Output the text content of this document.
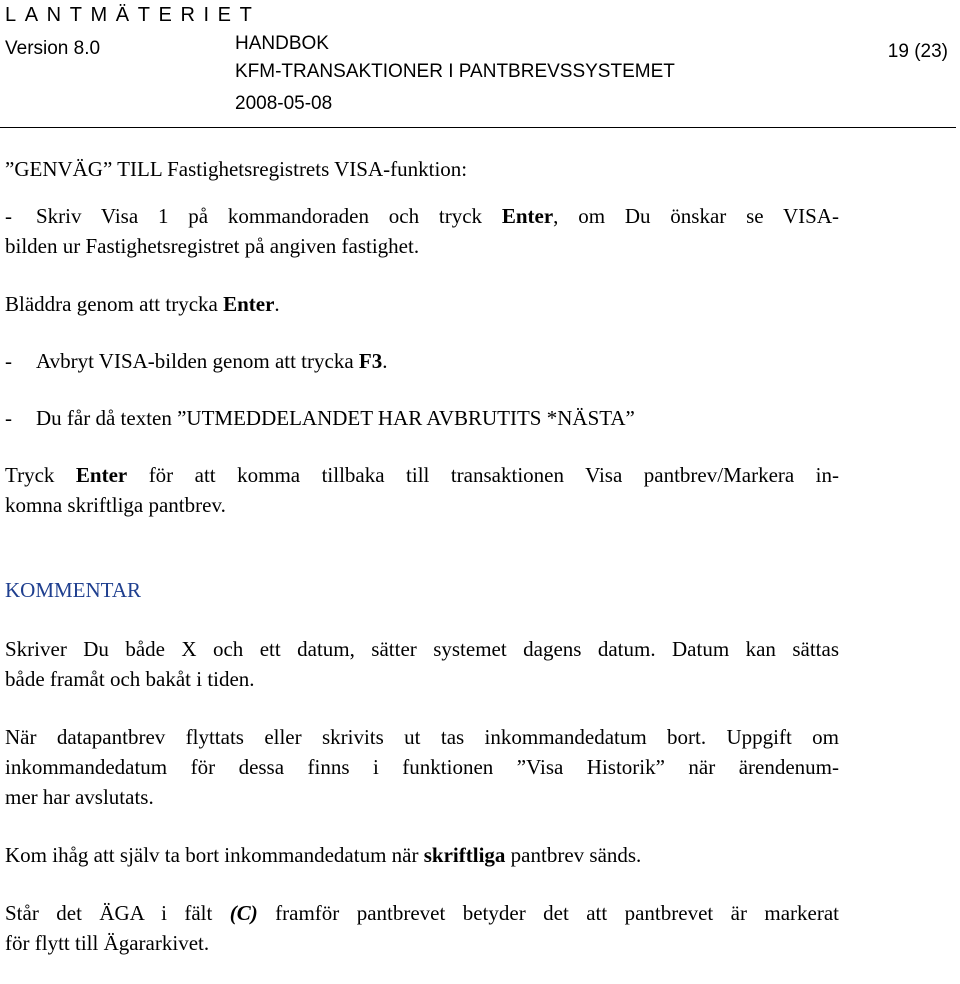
LANTMÄTERIET
Version 8.0	HANDBOK
KFM-TRANSAKTIONER I PANTBREVSSYSTEMET
2008-05-08
19 (23)

”GENVÄG” TILL Fastighetsregistrets VISA-funktion:

- Skriv Visa 1 på kommandoraden och tryck Enter, om Du önskar se VISA-

bilden ur Fastighetsregistret på angiven fastighet.

Bläddra genom att trycka Enter.

- Avbryt VISA-bilden genom att trycka F3.

- Du får då texten ”UTMEDDELANDET HAR AVBRUTITS *NÄSTA”

Tryck Enter för att komma tillbaka till transaktionen Visa pantbrev/Markera in-

komna skriftliga pantbrev.

KOMMENTAR

Skriver Du både X och ett datum, sätter systemet dagens datum. Datum kan sättas

både framåt och bakåt i tiden.

När datapantbrev flyttats eller skrivits ut tas inkommandedatum bort. Uppgift om

inkommandedatum för dessa finns i funktionen ”Visa Historik” när ärendenum-

mer har avslutats.

Kom ihåg att själv ta bort inkommandedatum när skriftliga pantbrev sänds.

Står det ÄGA i fält (C) framför pantbrevet betyder det att pantbrevet är markerat

för flytt till Ägararkivet.
